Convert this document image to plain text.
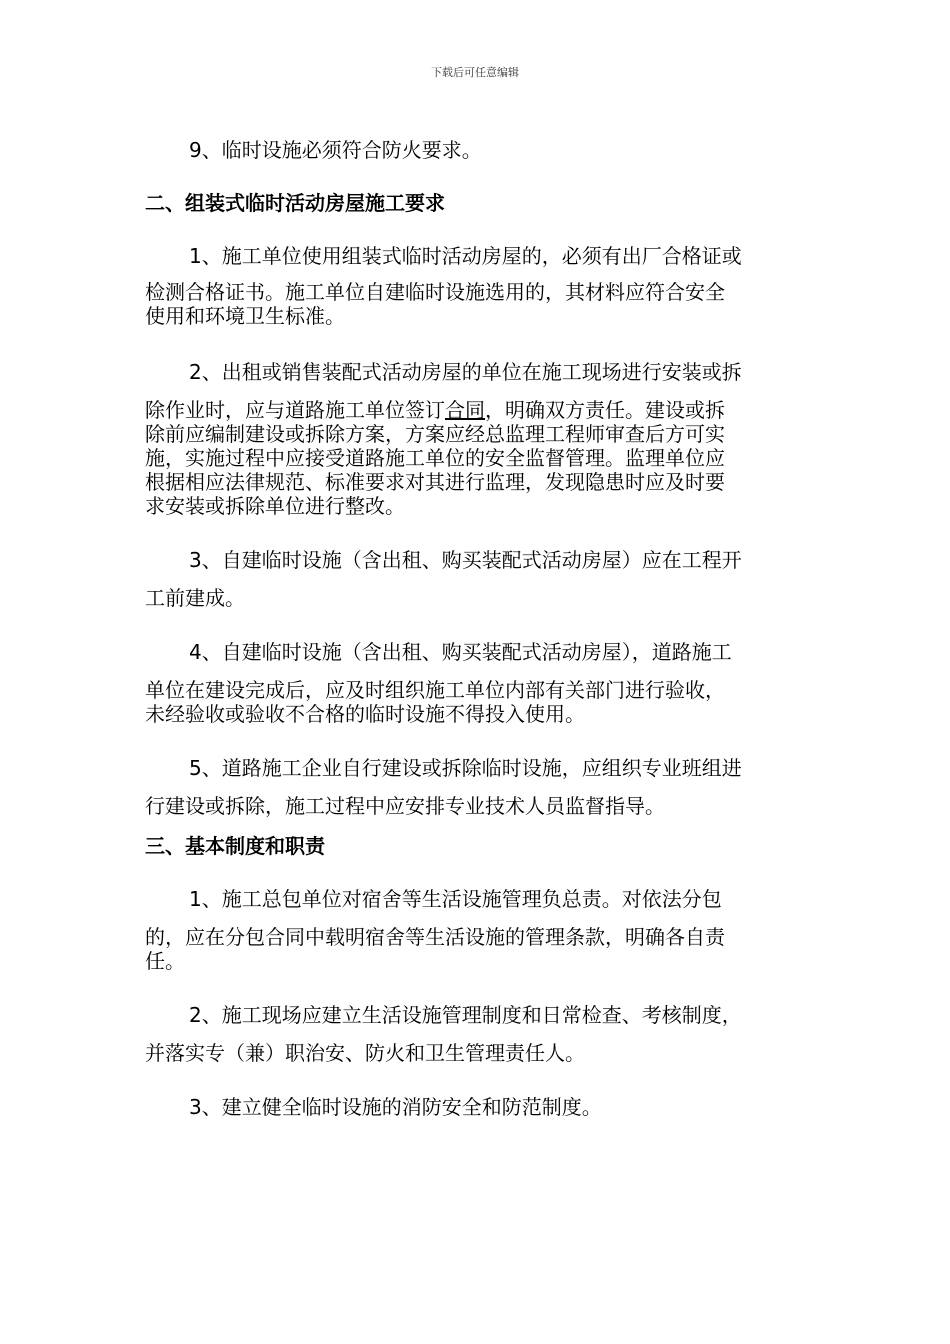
下载后可任意编辑
9、临时设施必须符合防火要求。
二、组装式临时活动房屋施工要求
1、施工单位使用组装式临时活动房屋的，必须有出厂合格证或
检测合格证书。施工单位自建临时设施选用的，其材料应符合安全
使用和环境卫生标准。
2、出租或销售装配式活动房屋的单位在施工现场进行安装或拆
除作业时，应与道路施工单位签订合同，明确双方责任。建设或拆
除前应编制建设或拆除方案，方案应经总监理工程师审查后方可实
施，实施过程中应接受道路施工单位的安全监督管理。监理单位应
根据相应法律规范、标准要求对其进行监理，发现隐患时应及时要
求安装或拆除单位进行整改。
3、自建临时设施（含出租、购买装配式活动房屋）应在工程开
工前建成。
4、自建临时设施（含出租、购买装配式活动房屋），道路施工
单位在建设完成后，应及时组织施工单位内部有关部门进行验收，
未经验收或验收不合格的临时设施不得投入使用。
5、道路施工企业自行建设或拆除临时设施，应组织专业班组进
行建设或拆除，施工过程中应安排专业技术人员监督指导。
三、基本制度和职责
1、施工总包单位对宿舍等生活设施管理负总责。对依法分包
的，应在分包合同中载明宿舍等生活设施的管理条款，明确各自责
任。
2、施工现场应建立生活设施管理制度和日常检查、考核制度，
并落实专（兼）职治安、防火和卫生管理责任人。
3、建立健全临时设施的消防安全和防范制度。
